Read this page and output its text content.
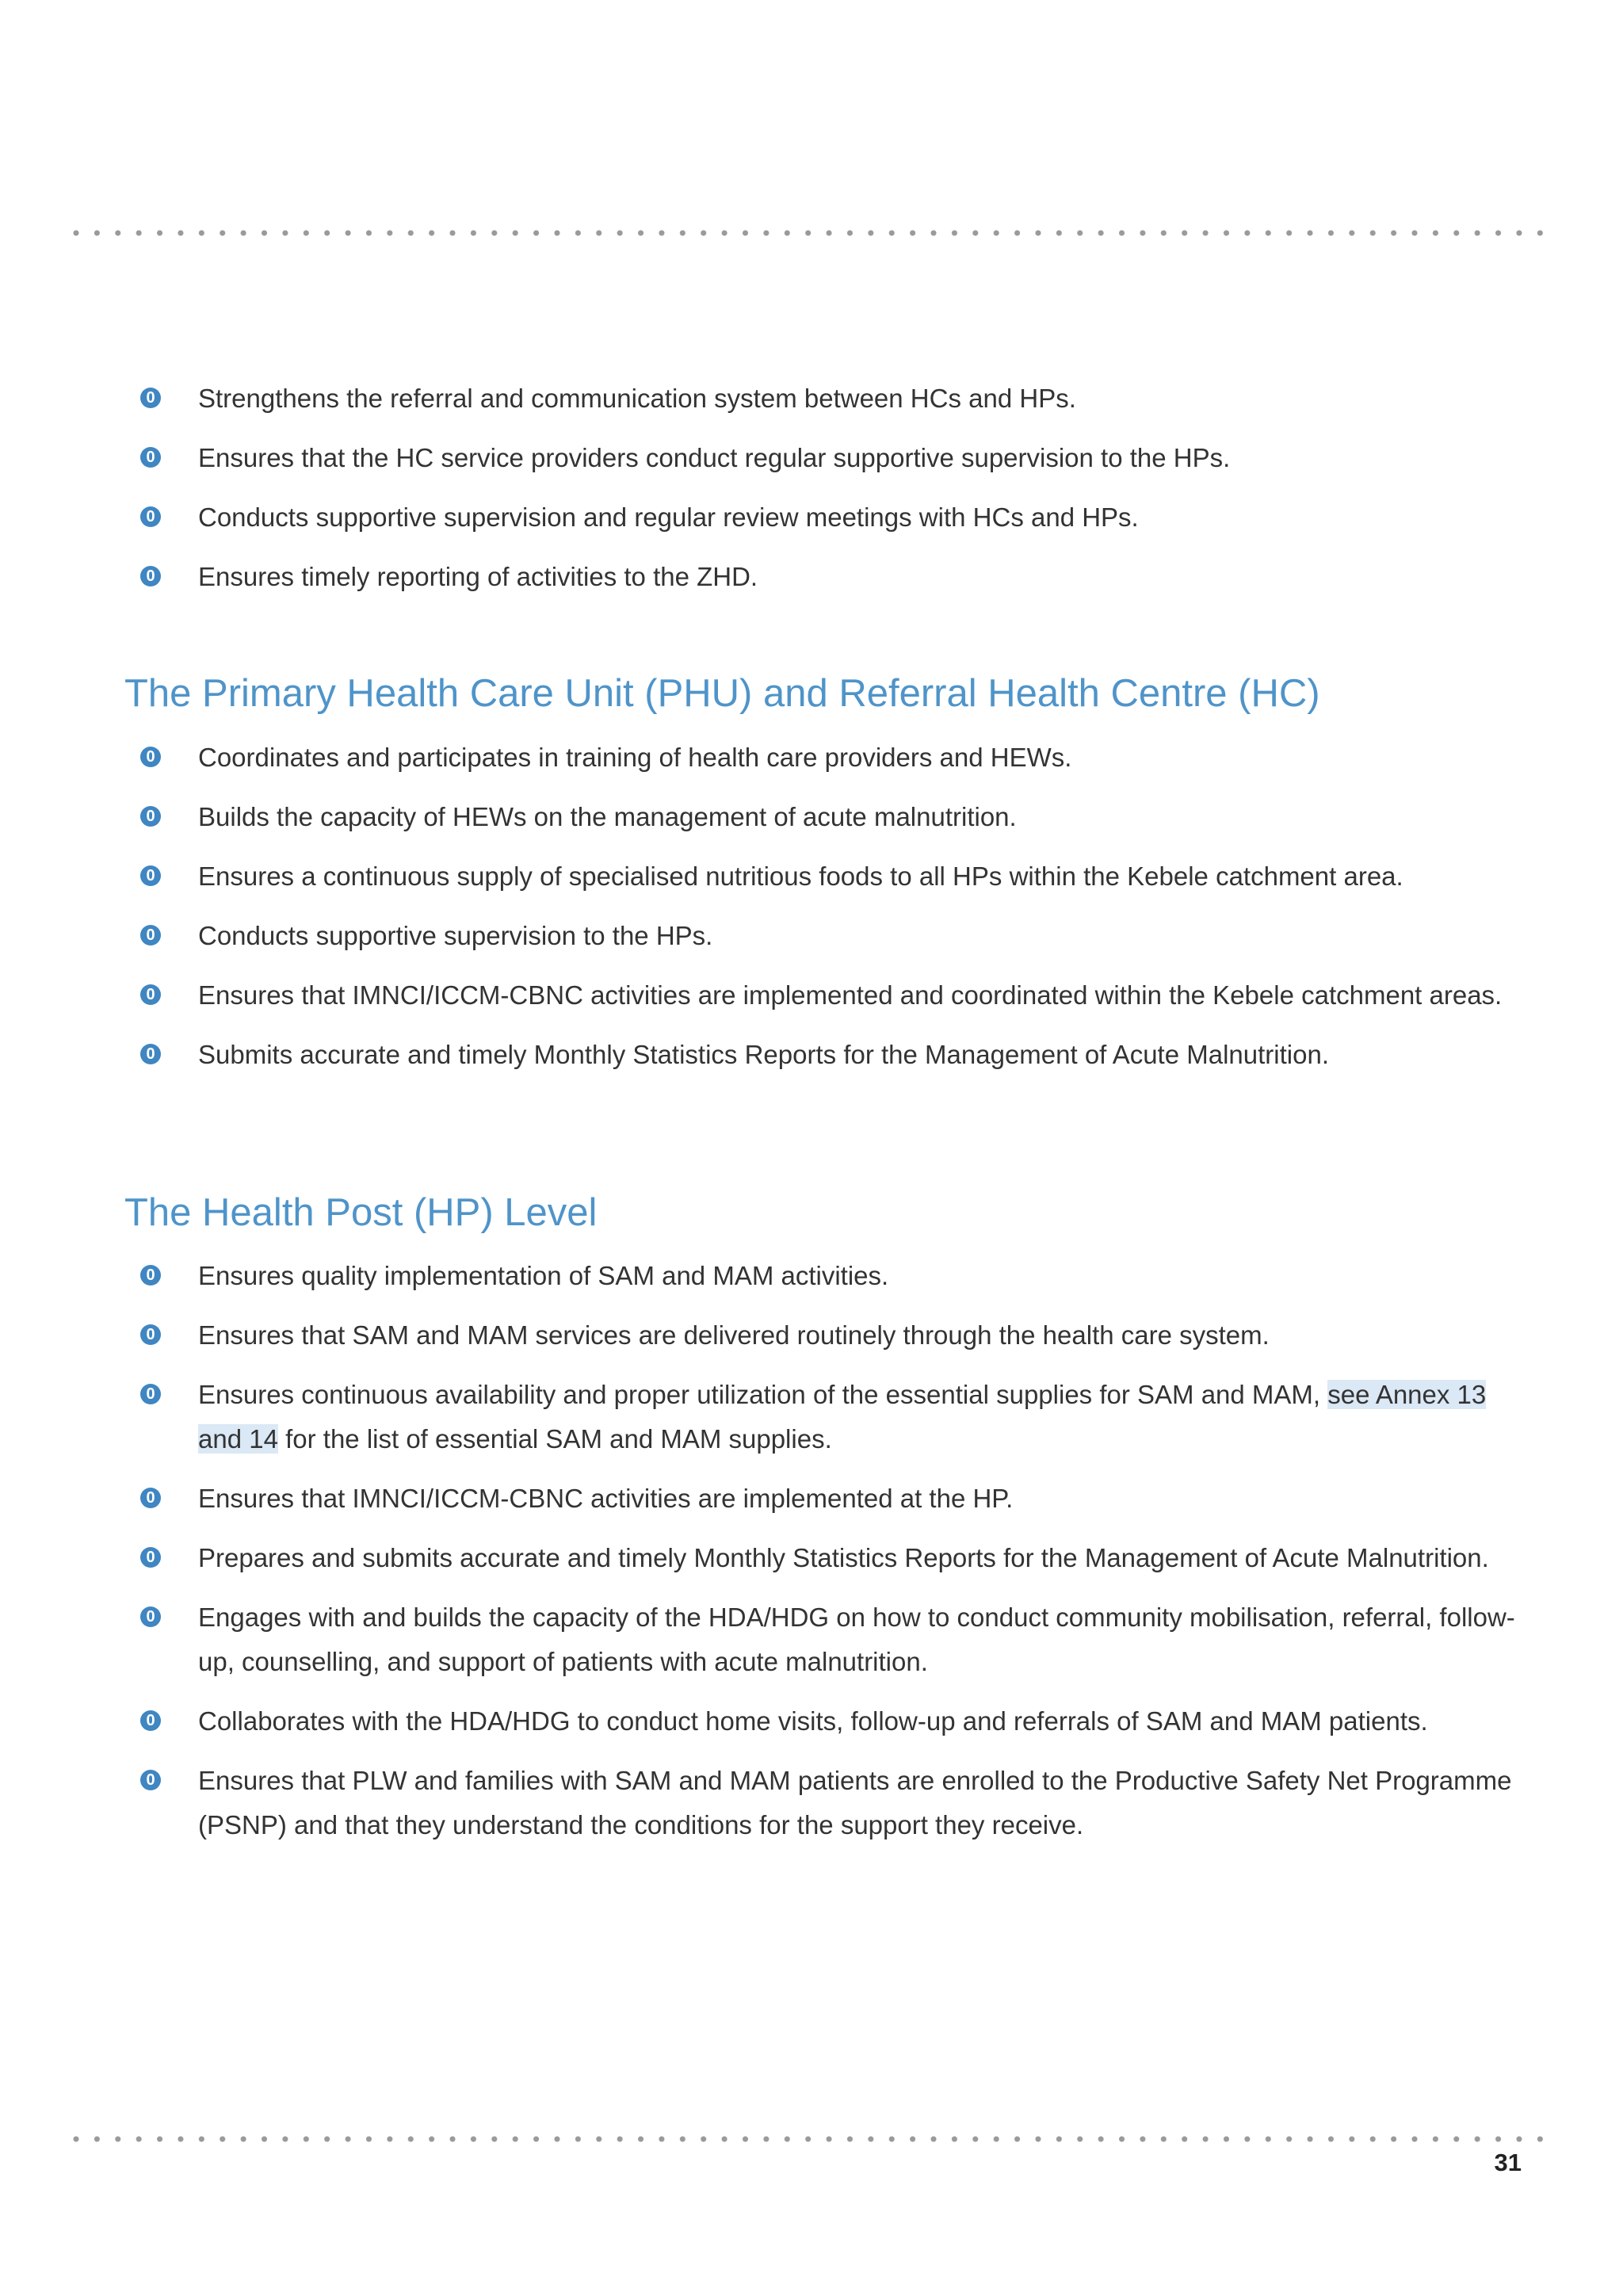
0
Strengthens the referral and communication system between HCs and HPs.
0
Ensures that the HC service providers conduct regular supportive supervision to the HPs.
0
Conducts supportive supervision and regular review meetings with HCs and HPs.
0
Ensures timely reporting of activities to the ZHD.
The Primary Health Care Unit (PHU) and Referral Health Centre (HC)
0
Coordinates and participates in training of health care providers and HEWs.
0
Builds the capacity of HEWs on the management of acute malnutrition.
0
Ensures a continuous supply of specialised nutritious foods to all HPs within the Kebele catchment area.
0
Conducts supportive supervision to the HPs.
0
Ensures that IMNCI/ICCM-CBNC activities are implemented and coordinated within the Kebele catchment areas.
0
Submits accurate and timely Monthly Statistics Reports for the Management of Acute Malnutrition.
The Health Post (HP) Level
0
Ensures quality implementation of SAM and MAM activities.
0
Ensures that SAM and MAM services are delivered routinely through the health care system.
0
Ensures continuous availability and proper utilization of the essential supplies for SAM and MAM, see Annex 13 and 14 for the list of essential SAM and MAM supplies.
0
Ensures that IMNCI/ICCM-CBNC activities are implemented at the HP.
0
Prepares and submits accurate and timely Monthly Statistics Reports for the Management of Acute Malnutrition.
0
Engages with and builds the capacity of the HDA/HDG on how to conduct community mobilisation, referral, follow-up, counselling, and support of patients with acute malnutrition.
0
Collaborates with the HDA/HDG to conduct home visits, follow-up and referrals of SAM and MAM patients.
0
Ensures that PLW and families with SAM and MAM patients are enrolled to the Productive Safety Net Programme (PSNP) and that they understand the conditions for the support they receive.
31
